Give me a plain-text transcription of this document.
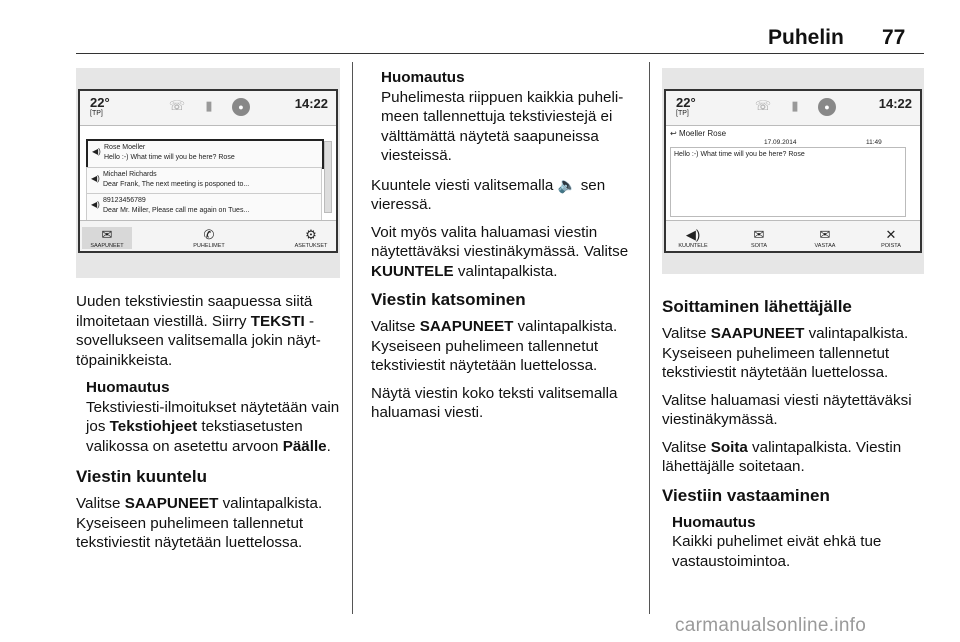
Puhelin 77
22°
[TP]
☏	▮	●	14:22
◀) Rose Moeller
Hello :-) What time will you be here? Rose
◀) Michael Richards
Dear Frank, The next meeting is posponed to...
◀) 89123456789
Dear Mr. Miller, Please call me again on Tues...
✉
SAAPUNEET
✆
PUHELIMET
⚙
ASETUKSET

Uuden tekstiviestin saapuessa siitä ilmoitetaan viestillä. Siirry TEKSTI -sovellukseen valitsemalla jokin näyt-töpainikkeista.

Huomautus
Tekstiviesti-ilmoitukset näytetään vain jos Tekstiohjeet tekstiasetusten valikossa on asetettu arvoon Päälle.
Viestin kuuntelu

Valitse SAAPUNEET valintapalkista. Kyseiseen puhelimeen tallennetut tekstiviestit näytetään luettelossa.

Huomautus
Puhelimesta riippuen kaikkia puheli-meen tallennettuja tekstiviestejä ei välttämättä näytetä saapuneissa viesteissä.

Kuuntele viesti valitsemalla 🔈 sen vieressä.

Voit myös valita haluamasi viestin näytettäväksi viestinäkymässä. Valitse KUUNTELE valintapalkista.

Viestin katsominen

Valitse SAAPUNEET valintapalkista. Kyseiseen puhelimeen tallennetut tekstiviestit näytetään luettelossa.

Näytä viestin koko teksti valitsemalla haluamasi viesti.

22°
[TP]
☏	▮	●	14:22
↩ Moeller Rose
17.09.2014	11:49
Hello :-) What time will you be here? Rose
◀)
KUUNTELE
✉
SOITA
✉
VASTAA
✕
POISTA
Soittaminen lähettäjälle

Valitse SAAPUNEET valintapalkista. Kyseiseen puhelimeen tallennetut tekstiviestit näytetään luettelossa.

Valitse haluamasi viesti näytettäväksi viestinäkymässä.

Valitse Soita valintapalkista. Viestin lähettäjälle soitetaan.

Viestiin vastaaminen
Huomautus
Kaikki puhelimet eivät ehkä tue vastaustoimintoa.
carmanualsonline.info
